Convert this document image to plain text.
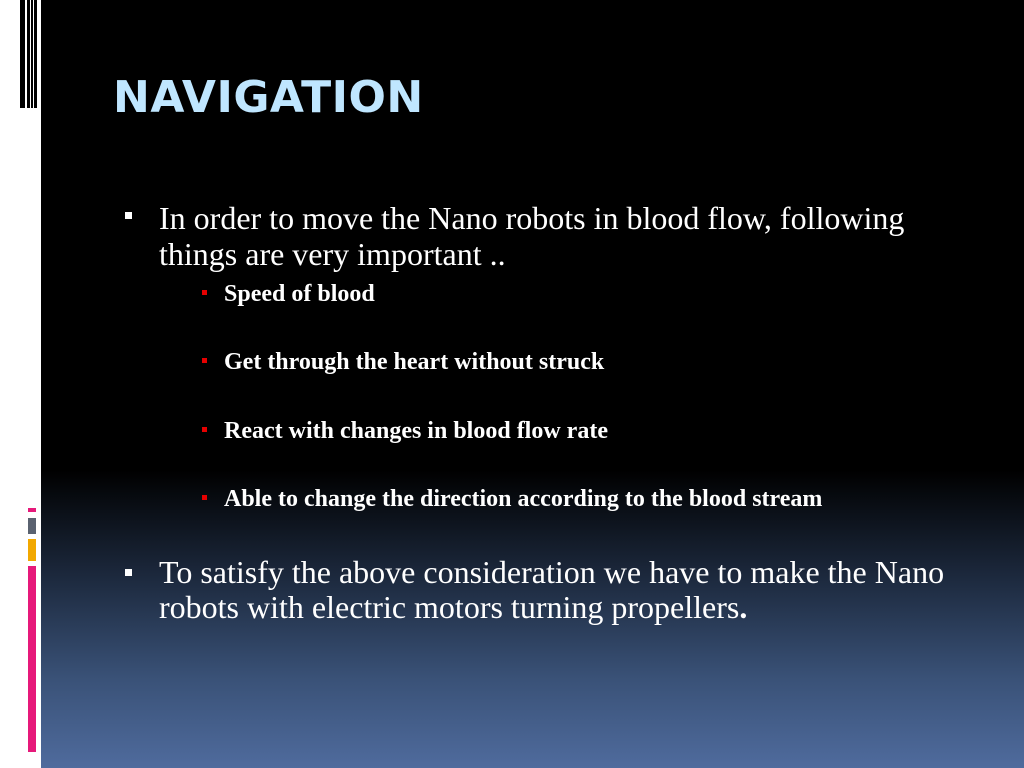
NAVIGATION
In order to move the Nano robots in blood flow, following things are very important ..
Speed of blood
Get through the heart without struck
React with changes in blood flow rate
Able to change the direction according to the blood stream
To satisfy the above consideration we have to make the Nano robots with electric motors turning propellers.
